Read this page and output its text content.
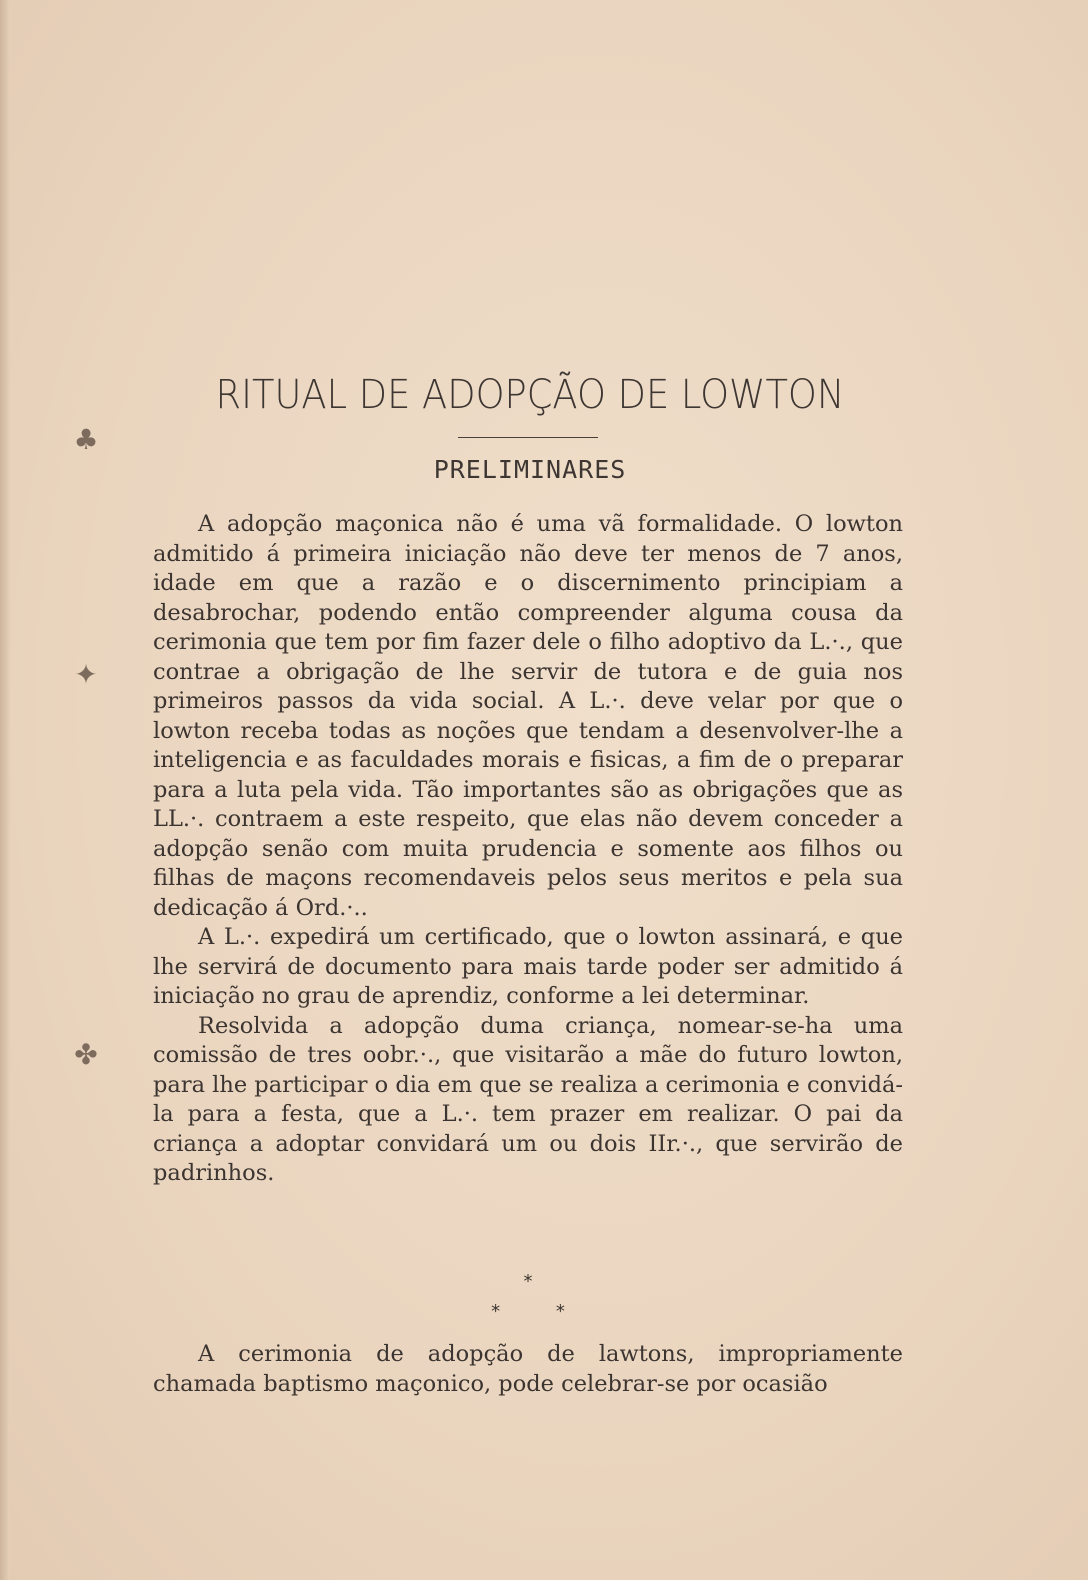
♣
✦
✤
RITUAL DE ADOPÇÃO DE LOWTON
PRELIMINARES

A adopção maçonica não é uma vã formalidade. O lowton admitido á primeira iniciação não deve ter menos de 7 anos, idade em que a razão e o discernimento principiam a desabrochar, podendo então compreender alguma cousa da cerimonia que tem por fim fazer dele o filho adoptivo da L.·., que contrae a obrigação de lhe servir de tutora e de guia nos primeiros passos da vida social. A L.·. deve velar por que o lowton receba todas as noções que tendam a desenvolver-lhe a inteligencia e as faculdades morais e fisicas, a fim de o preparar para a luta pela vida. Tão importantes são as obrigações que as LL.·. contraem a este respeito, que elas não devem conceder a adopção senão com muita prudencia e somente aos filhos ou filhas de maçons recomendaveis pelos seus meritos e pela sua dedicação á Ord.·..

A L.·. expedirá um certificado, que o lowton assinará, e que lhe servirá de documento para mais tarde poder ser admitido á iniciação no grau de aprendiz, conforme a lei determinar.

Resolvida a adopção duma criança, nomear-se-ha uma comissão de tres oobr.·., que visitarão a mãe do futuro lowton, para lhe participar o dia em que se realiza a cerimonia e convidá-la para a festa, que a L.·. tem prazer em realizar. O pai da criança a adoptar convidará um ou dois IIr.·., que servirão de padrinhos.

*
* *

A cerimonia de adopção de lawtons, impropriamente chamada baptismo maçonico, pode celebrar-se por ocasião
